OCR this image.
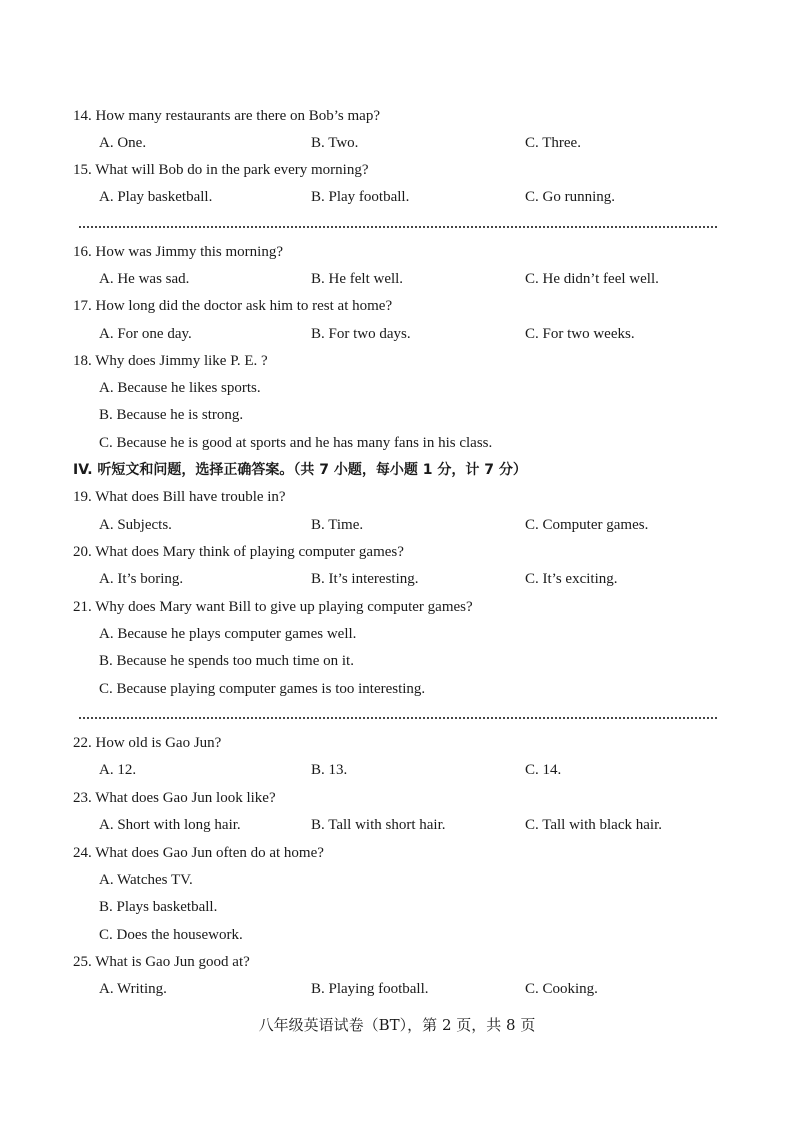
14. How many restaurants are there on Bob’s map?
A. One.	B. Two.	C. Three.
15. What will Bob do in the park every morning?
A. Play basketball.	B. Play football.	C. Go running.
16. How was Jimmy this morning?
A. He was sad.	B. He felt well.	C. He didn’t feel well.
17. How long did the doctor ask him to rest at home?
A. For one day.	B. For two days.	C. For two weeks.
18. Why does Jimmy like P. E. ?
A. Because he likes sports.
B. Because he is strong.
C. Because he is good at sports and he has many fans in his class.
IV. 听短文和问题，选择正确答案。（共 7 小题，每小题 1 分，计 7 分）
19. What does Bill have trouble in?
A. Subjects.	B. Time.	C. Computer games.
20. What does Mary think of playing computer games?
A. It’s boring.	B. It’s interesting.	C. It’s exciting.
21. Why does Mary want Bill to give up playing computer games?
A. Because he plays computer games well.
B. Because he spends too much time on it.
C. Because playing computer games is too interesting.
22. How old is Gao Jun?
A. 12.	B. 13.	C. 14.
23. What does Gao Jun look like?
A. Short with long hair.	B. Tall with short hair.	C. Tall with black hair.
24. What does Gao Jun often do at home?
A. Watches TV.
B. Plays basketball.
C. Does the housework.
25. What is Gao Jun good at?
A. Writing.	B. Playing football.	C. Cooking.
八年级英语试卷（BT），第 2 页，共 8 页
